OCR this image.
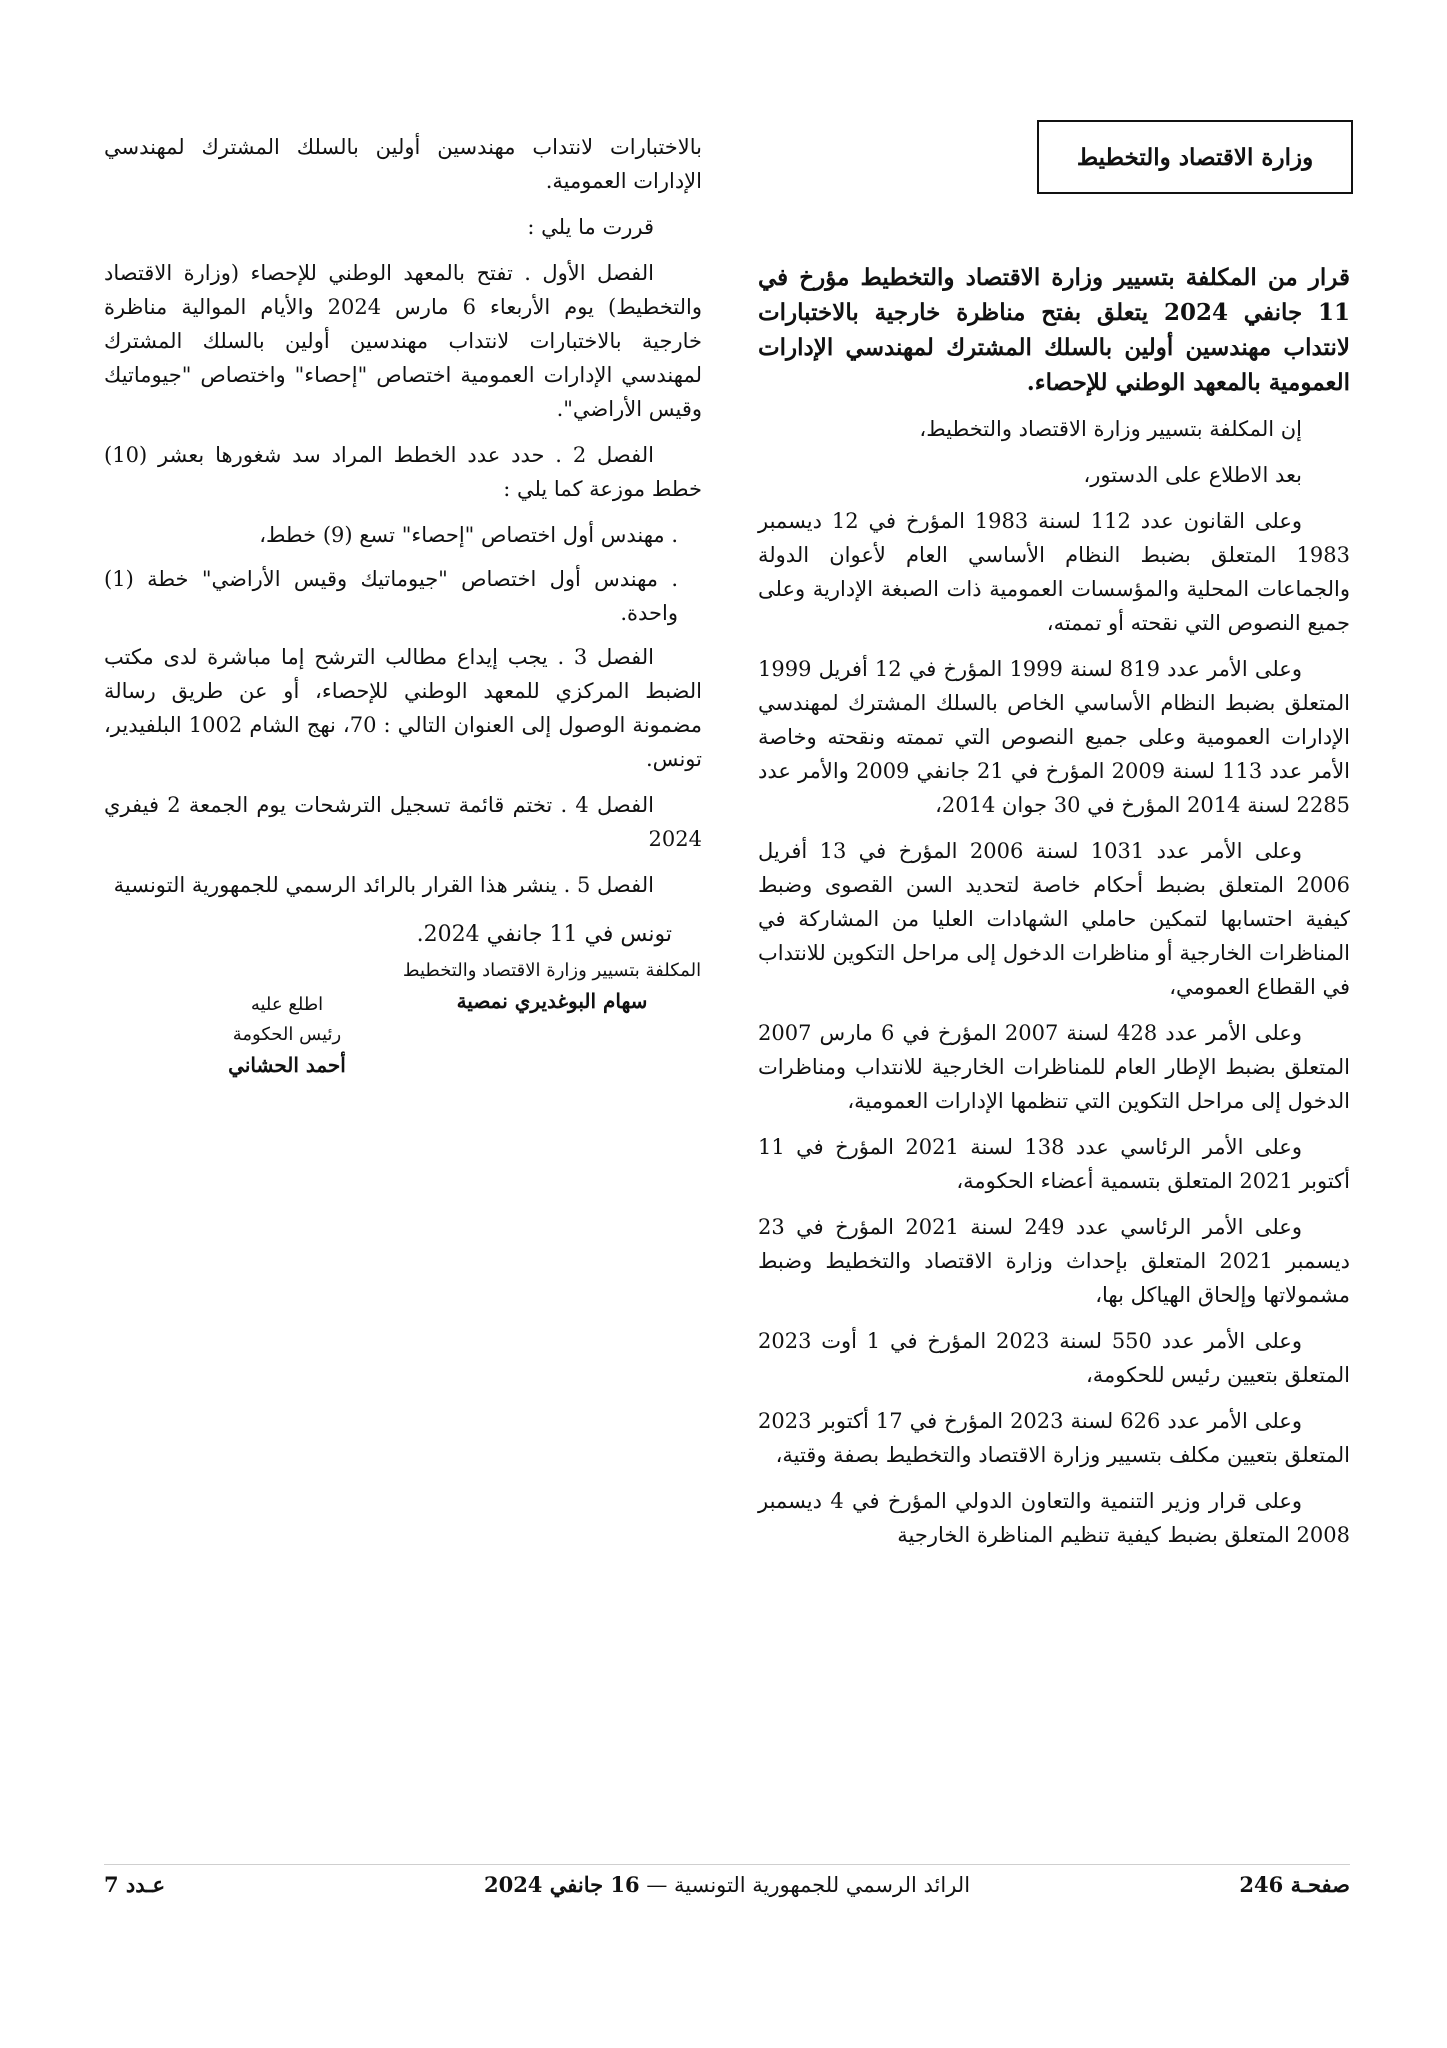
وزارة الاقتصاد والتخطيط
قرار من المكلفة بتسيير وزارة الاقتصاد والتخطيط مؤرخ في 11 جانفي 2024 يتعلق بفتح مناظرة خارجية بالاختبارات لانتداب مهندسين أولين بالسلك المشترك لمهندسي الإدارات العمومية بالمعهد الوطني للإحصاء.

إن المكلفة بتسيير وزارة الاقتصاد والتخطيط،

بعد الاطلاع على الدستور،

وعلى القانون عدد 112 لسنة 1983 المؤرخ في 12 ديسمبر 1983 المتعلق بضبط النظام الأساسي العام لأعوان الدولة والجماعات المحلية والمؤسسات العمومية ذات الصبغة الإدارية وعلى جميع النصوص التي نقحته أو تممته،

وعلى الأمر عدد 819 لسنة 1999 المؤرخ في 12 أفريل 1999 المتعلق بضبط النظام الأساسي الخاص بالسلك المشترك لمهندسي الإدارات العمومية وعلى جميع النصوص التي تممته ونقحته وخاصة الأمر عدد 113 لسنة 2009 المؤرخ في 21 جانفي 2009 والأمر عدد 2285 لسنة 2014 المؤرخ في 30 جوان 2014،

وعلى الأمر عدد 1031 لسنة 2006 المؤرخ في 13 أفريل 2006 المتعلق بضبط أحكام خاصة لتحديد السن القصوى وضبط كيفية احتسابها لتمكين حاملي الشهادات العليا من المشاركة في المناظرات الخارجية أو مناظرات الدخول إلى مراحل التكوين للانتداب في القطاع العمومي،

وعلى الأمر عدد 428 لسنة 2007 المؤرخ في 6 مارس 2007 المتعلق بضبط الإطار العام للمناظرات الخارجية للانتداب ومناظرات الدخول إلى مراحل التكوين التي تنظمها الإدارات العمومية،

وعلى الأمر الرئاسي عدد 138 لسنة 2021 المؤرخ في 11 أكتوبر 2021 المتعلق بتسمية أعضاء الحكومة،

وعلى الأمر الرئاسي عدد 249 لسنة 2021 المؤرخ في 23 ديسمبر 2021 المتعلق بإحداث وزارة الاقتصاد والتخطيط وضبط مشمولاتها وإلحاق الهياكل بها،

وعلى الأمر عدد 550 لسنة 2023 المؤرخ في 1 أوت 2023 المتعلق بتعيين رئيس للحكومة،

وعلى الأمر عدد 626 لسنة 2023 المؤرخ في 17 أكتوبر 2023 المتعلق بتعيين مكلف بتسيير وزارة الاقتصاد والتخطيط بصفة وقتية،

وعلى قرار وزير التنمية والتعاون الدولي المؤرخ في 4 ديسمبر 2008 المتعلق بضبط كيفية تنظيم المناظرة الخارجية

بالاختبارات لانتداب مهندسين أولين بالسلك المشترك لمهندسي الإدارات العمومية.

قررت ما يلي :

الفصل الأول . تفتح بالمعهد الوطني للإحصاء (وزارة الاقتصاد والتخطيط) يوم الأربعاء 6 مارس 2024 والأيام الموالية مناظرة خارجية بالاختبارات لانتداب مهندسين أولين بالسلك المشترك لمهندسي الإدارات العمومية اختصاص "إحصاء" واختصاص "جيوماتيك وقيس الأراضي".

الفصل 2 . حدد عدد الخطط المراد سد شغورها بعشر (10) خطط موزعة كما يلي :

. مهندس أول اختصاص "إحصاء" تسع (9) خطط،

. مهندس أول اختصاص "جيوماتيك وقيس الأراضي" خطة (1) واحدة.

الفصل 3 . يجب إيداع مطالب الترشح إما مباشرة لدى مكتب الضبط المركزي للمعهد الوطني للإحصاء، أو عن طريق رسالة مضمونة الوصول إلى العنوان التالي : 70، نهج الشام 1002 البلفيدير، تونس.

الفصل 4 . تختم قائمة تسجيل الترشحات يوم الجمعة 2 فيفري 2024

الفصل 5 . ينشر هذا القرار بالرائد الرسمي للجمهورية التونسية

تونس في 11 جانفي 2024.
المكلفة بتسيير وزارة الاقتصاد والتخطيط
سهام البوغديري نمصية
اطلع عليه
رئيس الحكومة
أحمد الحشاني
صفحـة 246
الرائد الرسمي للجمهورية التونسية — 16 جانفي 2024
عـدد 7
